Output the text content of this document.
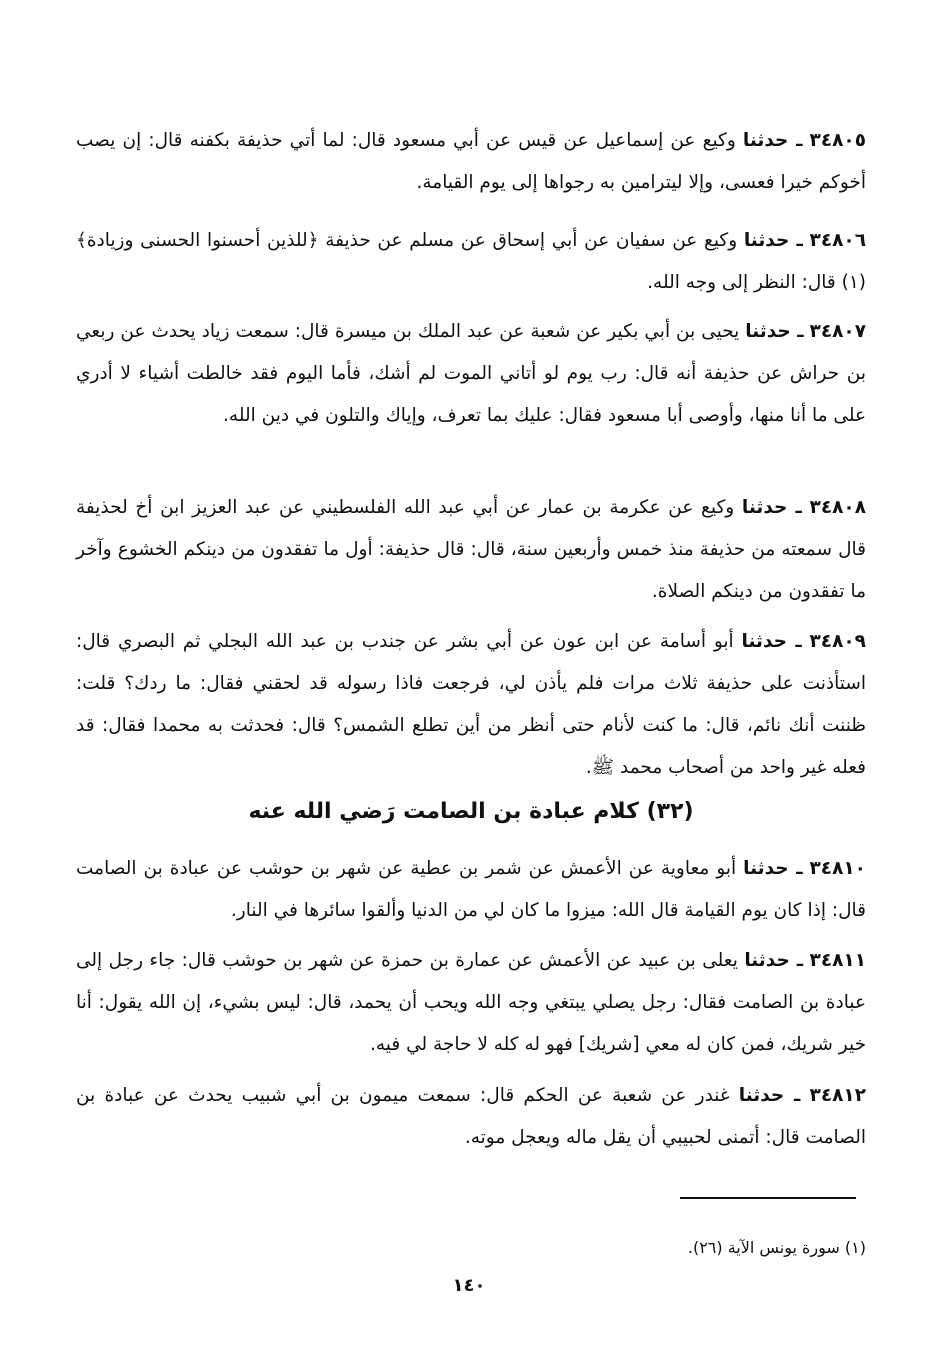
٣٤٨٠٥ ـ حدثنا وكيع عن إسماعيل عن قيس عن أبي مسعود قال: لما أتي حذيفة بكفنه قال: إن يصب أخوكم خيرا فعسى، وإلا ليترامين به رجواها إلى يوم القيامة.
٣٤٨٠٦ ـ حدثنا وكيع عن سفيان عن أبي إسحاق عن مسلم عن حذيفة ﴿للذين أحسنوا الحسنى وزيادة﴾(١) قال: النظر إلى وجه الله.
٣٤٨٠٧ ـ حدثنا يحيى بن أبي بكير عن شعبة عن عبد الملك بن ميسرة قال: سمعت زياد يحدث عن ربعي بن حراش عن حذيفة أنه قال: رب يوم لو أتاني الموت لم أشك، فأما اليوم فقد خالطت أشياء لا أدري على ما أنا منها، وأوصى أبا مسعود فقال: عليك بما تعرف، وإياك والتلون في دين الله.
٣٤٨٠٨ ـ حدثنا وكيع عن عكرمة بن عمار عن أبي عبد الله الفلسطيني عن عبد العزيز ابن أخ لحذيفة قال سمعته من حذيفة منذ خمس وأربعين سنة، قال: قال حذيفة: أول ما تفقدون من دينكم الخشوع وآخر ما تفقدون من دينكم الصلاة.
٣٤٨٠٩ ـ حدثنا أبو أسامة عن ابن عون عن أبي بشر عن جندب بن عبد الله البجلي ثم البصري قال: استأذنت على حذيفة ثلاث مرات فلم يأذن لي، فرجعت فاذا رسوله قد لحقني فقال: ما ردك؟ قلت: ظننت أنك نائم، قال: ما كنت لأنام حتى أنظر من أين تطلع الشمس؟ قال: فحدثت به محمدا فقال: قد فعله غير واحد من أصحاب محمد ﷺ.
(٣٢) كلام عبادة بن الصامت رَضي الله عنه
٣٤٨١٠ ـ حدثنا أبو معاوية عن الأعمش عن شمر بن عطية عن شهر بن حوشب عن عبادة بن الصامت قال: إذا كان يوم القيامة قال الله: ميزوا ما كان لي من الدنيا وألقوا سائرها في النار.
٣٤٨١١ ـ حدثنا يعلى بن عبيد عن الأعمش عن عمارة بن حمزة عن شهر بن حوشب قال: جاء رجل إلى عبادة بن الصامت فقال: رجل يصلي يبتغي وجه الله ويحب أن يحمد، قال: ليس بشيء، إن الله يقول: أنا خير شريك، فمن كان له معي [شريك] فهو له كله لا حاجة لي فيه.
٣٤٨١٢ ـ حدثنا غندر عن شعبة عن الحكم قال: سمعت ميمون بن أبي شبيب يحدث عن عبادة بن الصامت قال: أتمنى لحبيبي أن يقل ماله ويعجل موته.
(١) سورة يونس الآية (٢٦).
١٤٠
